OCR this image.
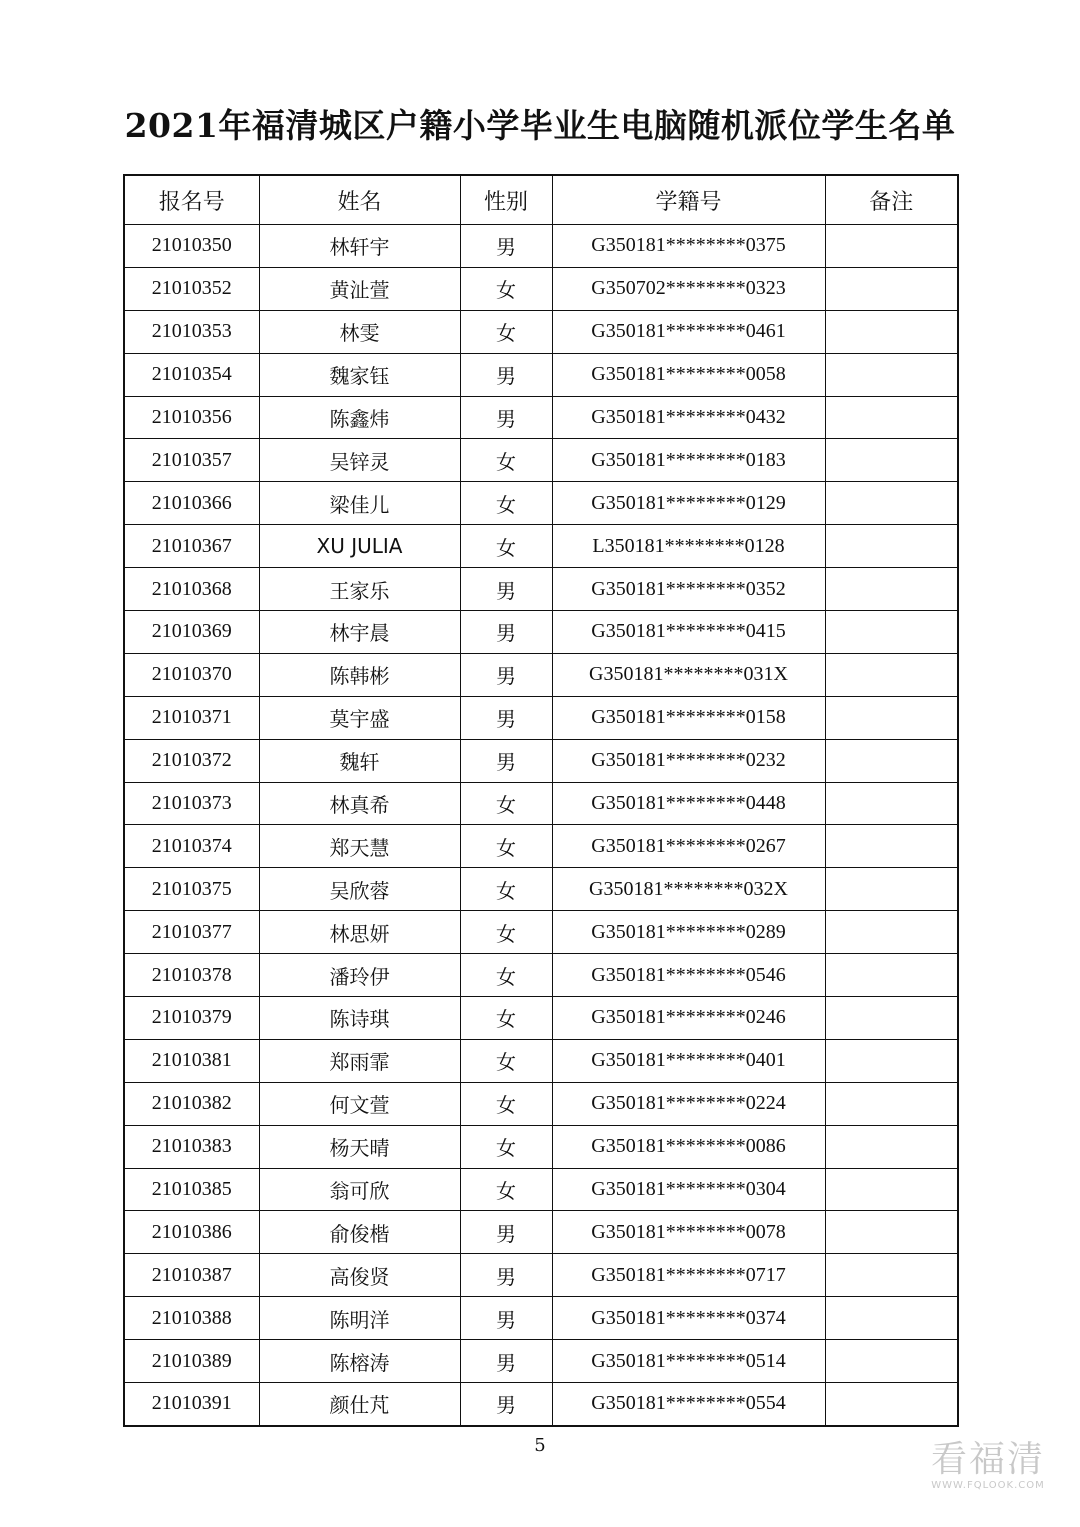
2021年福清城区户籍小学毕业生电脑随机派位学生名单
报名号	姓名	性别	学籍号	备注
21010350	林轩宇	男	G350181********0375	
21010352	黄沚萱	女	G350702********0323	
21010353	林雯	女	G350181********0461	
21010354	魏家钰	男	G350181********0058	
21010356	陈鑫炜	男	G350181********0432	
21010357	吴锌灵	女	G350181********0183	
21010366	梁佳儿	女	G350181********0129	
21010367	XU JULIA	女	L350181********0128	
21010368	王家乐	男	G350181********0352	
21010369	林宇晨	男	G350181********0415	
21010370	陈韩彬	男	G350181********031X	
21010371	莫宇盛	男	G350181********0158	
21010372	魏轩	男	G350181********0232	
21010373	林真希	女	G350181********0448	
21010374	郑天慧	女	G350181********0267	
21010375	吴欣蓉	女	G350181********032X	
21010377	林思妍	女	G350181********0289	
21010378	潘玲伊	女	G350181********0546	
21010379	陈诗琪	女	G350181********0246	
21010381	郑雨霏	女	G350181********0401	
21010382	何文萱	女	G350181********0224	
21010383	杨天晴	女	G350181********0086	
21010385	翁可欣	女	G350181********0304	
21010386	俞俊楷	男	G350181********0078	
21010387	高俊贤	男	G350181********0717	
21010388	陈明洋	男	G350181********0374	
21010389	陈榕涛	男	G350181********0514	
21010391	颜仕芃	男	G350181********0554	
5	看福清
WWW.FQLOOK.COM
